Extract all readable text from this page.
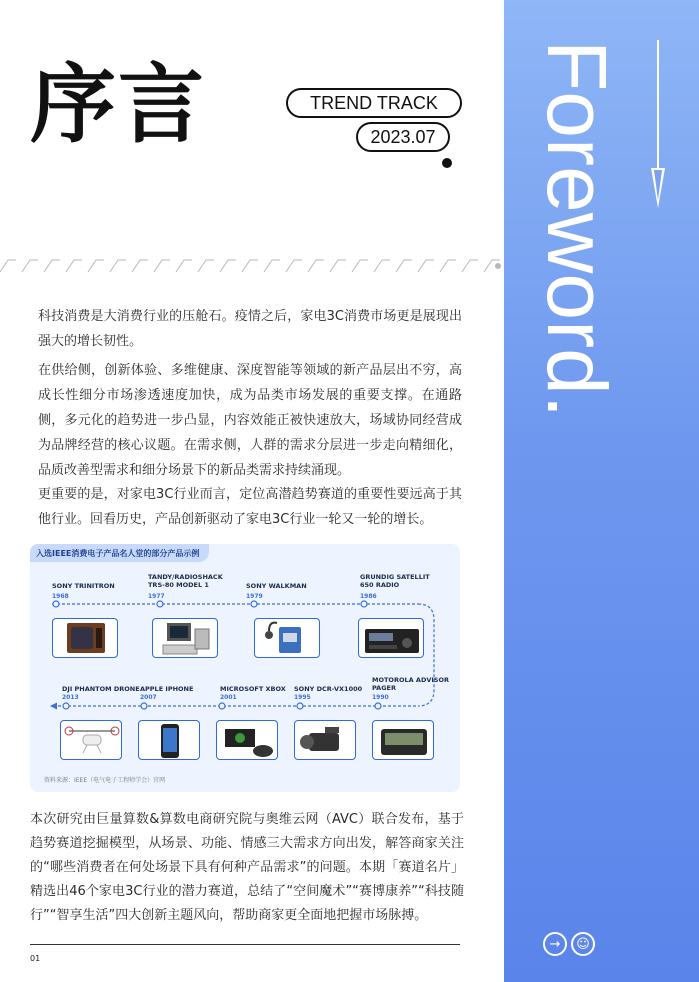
Foreword.
→	☺
序言	TREND TRACK
2023.07

科技消费是大消费行业的压舱石。疫情之后，家电3C消费市场更是展现出强大的增长韧性。

在供给侧，创新体验、多维健康、深度智能等领域的新产品层出不穷，高成长性细分市场渗透速度加快，成为品类市场发展的重要支撑。在通路侧，多元化的趋势进一步凸显，内容效能正被快速放大，场域协同经营成为品牌经营的核心议题。在需求侧，人群的需求分层进一步走向精细化，品质改善型需求和细分场景下的新品类需求持续涌现。

更重要的是，对家电3C行业而言，定位高潜趋势赛道的重要性要远高于其他行业。回看历史，产品创新驱动了家电3C行业一轮又一轮的增长。

入选IEEE消费电子产品名人堂的部分产品示例
SONY TRINITRON
1968
TANDY/RADIOSHACK TRS-80 MODEL 1
1977
SONY WALKMAN
1979
GRUNDIG SATELLIT 650 RADIO
1986
DJI PHANTOM DRONE
2013
APPLE IPHONE
2007
MICROSOFT XBOX
2001
SONY DCR-VX1000
1995
MOTOROLA ADVISOR PAGER
1990
资料来源：IEEE（电气电子工程师学会）官网

本次研究由巨量算数&算数电商研究院与奥维云网（AVC）联合发布，基于趋势赛道挖掘模型，从场景、功能、情感三大需求方向出发，解答商家关注的“哪些消费者在何处场景下具有何种产品需求”的问题。本期「赛道名片」精选出46个家电3C行业的潜力赛道，总结了“空间魔术”“赛博康养”“科技随行”“智享生活”四大创新主题风向，帮助商家更全面地把握市场脉搏。

01
